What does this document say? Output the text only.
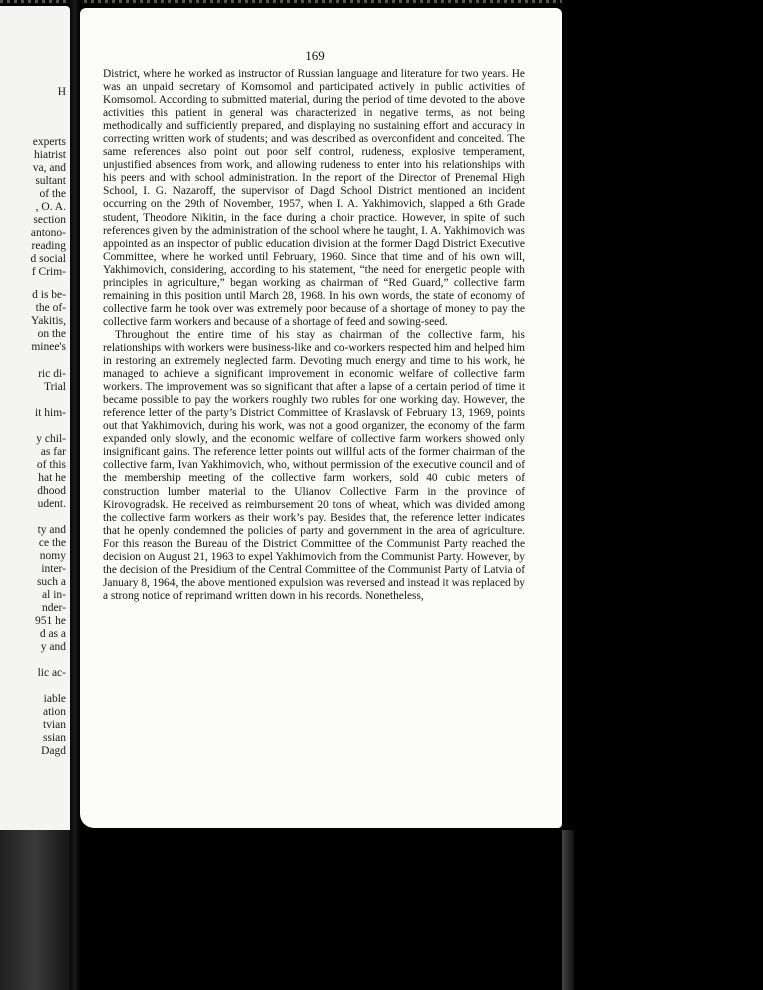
H
experts
hiatrist
va, and
sultant
of the
, O. A.
section
antono-
reading
d social
f Crim-
d is be-
the of-
Yakitis,
on the
minee's
ric di-
Trial
it him-
y chil-
as far
of this
hat he
dhood
udent.
ty and
ce the
nomy
inter-
such a
al in-
nder-
951 he
d as a
y and
lic ac-
iable
ation
tvian
ssian
Dagd
169

District, where he worked as instructor of Russian language and literature for two years. He was an unpaid secretary of Komsomol and participated actively in public activities of Komsomol. According to submitted material, during the period of time devoted to the above activities this patient in general was characterized in negative terms, as not being methodically and sufficiently prepared, and displaying no sustaining effort and accuracy in correcting written work of students; and was described as overconfident and conceited. The same references also point out poor self control, rudeness, explosive temperament, unjustified absences from work, and allowing rudeness to enter into his relationships with his peers and with school administration. In the report of the Director of Prenemal High School, I. G. Nazaroff, the supervisor of Dagd School District mentioned an incident occurring on the 29th of November, 1957, when I. A. Yakhimovich, slapped a 6th Grade student, Theodore Nikitin, in the face during a choir practice. However, in spite of such references given by the administration of the school where he taught, I. A. Yakhimovich was appointed as an inspector of public education division at the former Dagd District Executive Committee, where he worked until February, 1960. Since that time and of his own will, Yakhimovich, considering, according to his statement, “the need for energetic people with principles in agriculture,” began working as chairman of “Red Guard,” collective farm remaining in this position until March 28, 1968. In his own words, the state of economy of collective farm he took over was extremely poor because of a shortage of money to pay the collective farm workers and because of a shortage of feed and sowing-seed.

Throughout the entire time of his stay as chairman of the collective farm, his relationships with workers were business-like and co-workers respected him and helped him in restoring an extremely neglected farm. Devoting much energy and time to his work, he managed to achieve a significant improvement in economic welfare of collective farm workers. The improvement was so significant that after a lapse of a certain period of time it became possible to pay the workers roughly two rubles for one working day. However, the reference letter of the party’s District Committee of Kraslavsk of February 13, 1969, points out that Yakhimovich, during his work, was not a good organizer, the economy of the farm expanded only slowly, and the economic welfare of collective farm workers showed only insignificant gains. The reference letter points out willful acts of the former chairman of the collective farm, Ivan Yakhimovich, who, without permission of the executive council and of the membership meeting of the collective farm workers, sold 40 cubic meters of construction lumber material to the Ulianov Collective Farm in the province of Kirovogradsk. He received as reimbursement 20 tons of wheat, which was divided among the collective farm workers as their work’s pay. Besides that, the reference letter indicates that he openly condemned the policies of party and government in the area of agriculture. For this reason the Bureau of the District Committee of the Communist Party reached the decision on August 21, 1963 to expel Yakhimovich from the Communist Party. However, by the decision of the Presidium of the Central Committee of the Communist Party of Latvia of January 8, 1964, the above mentioned expulsion was reversed and instead it was replaced by a strong notice of reprimand written down in his records. Nonetheless,
